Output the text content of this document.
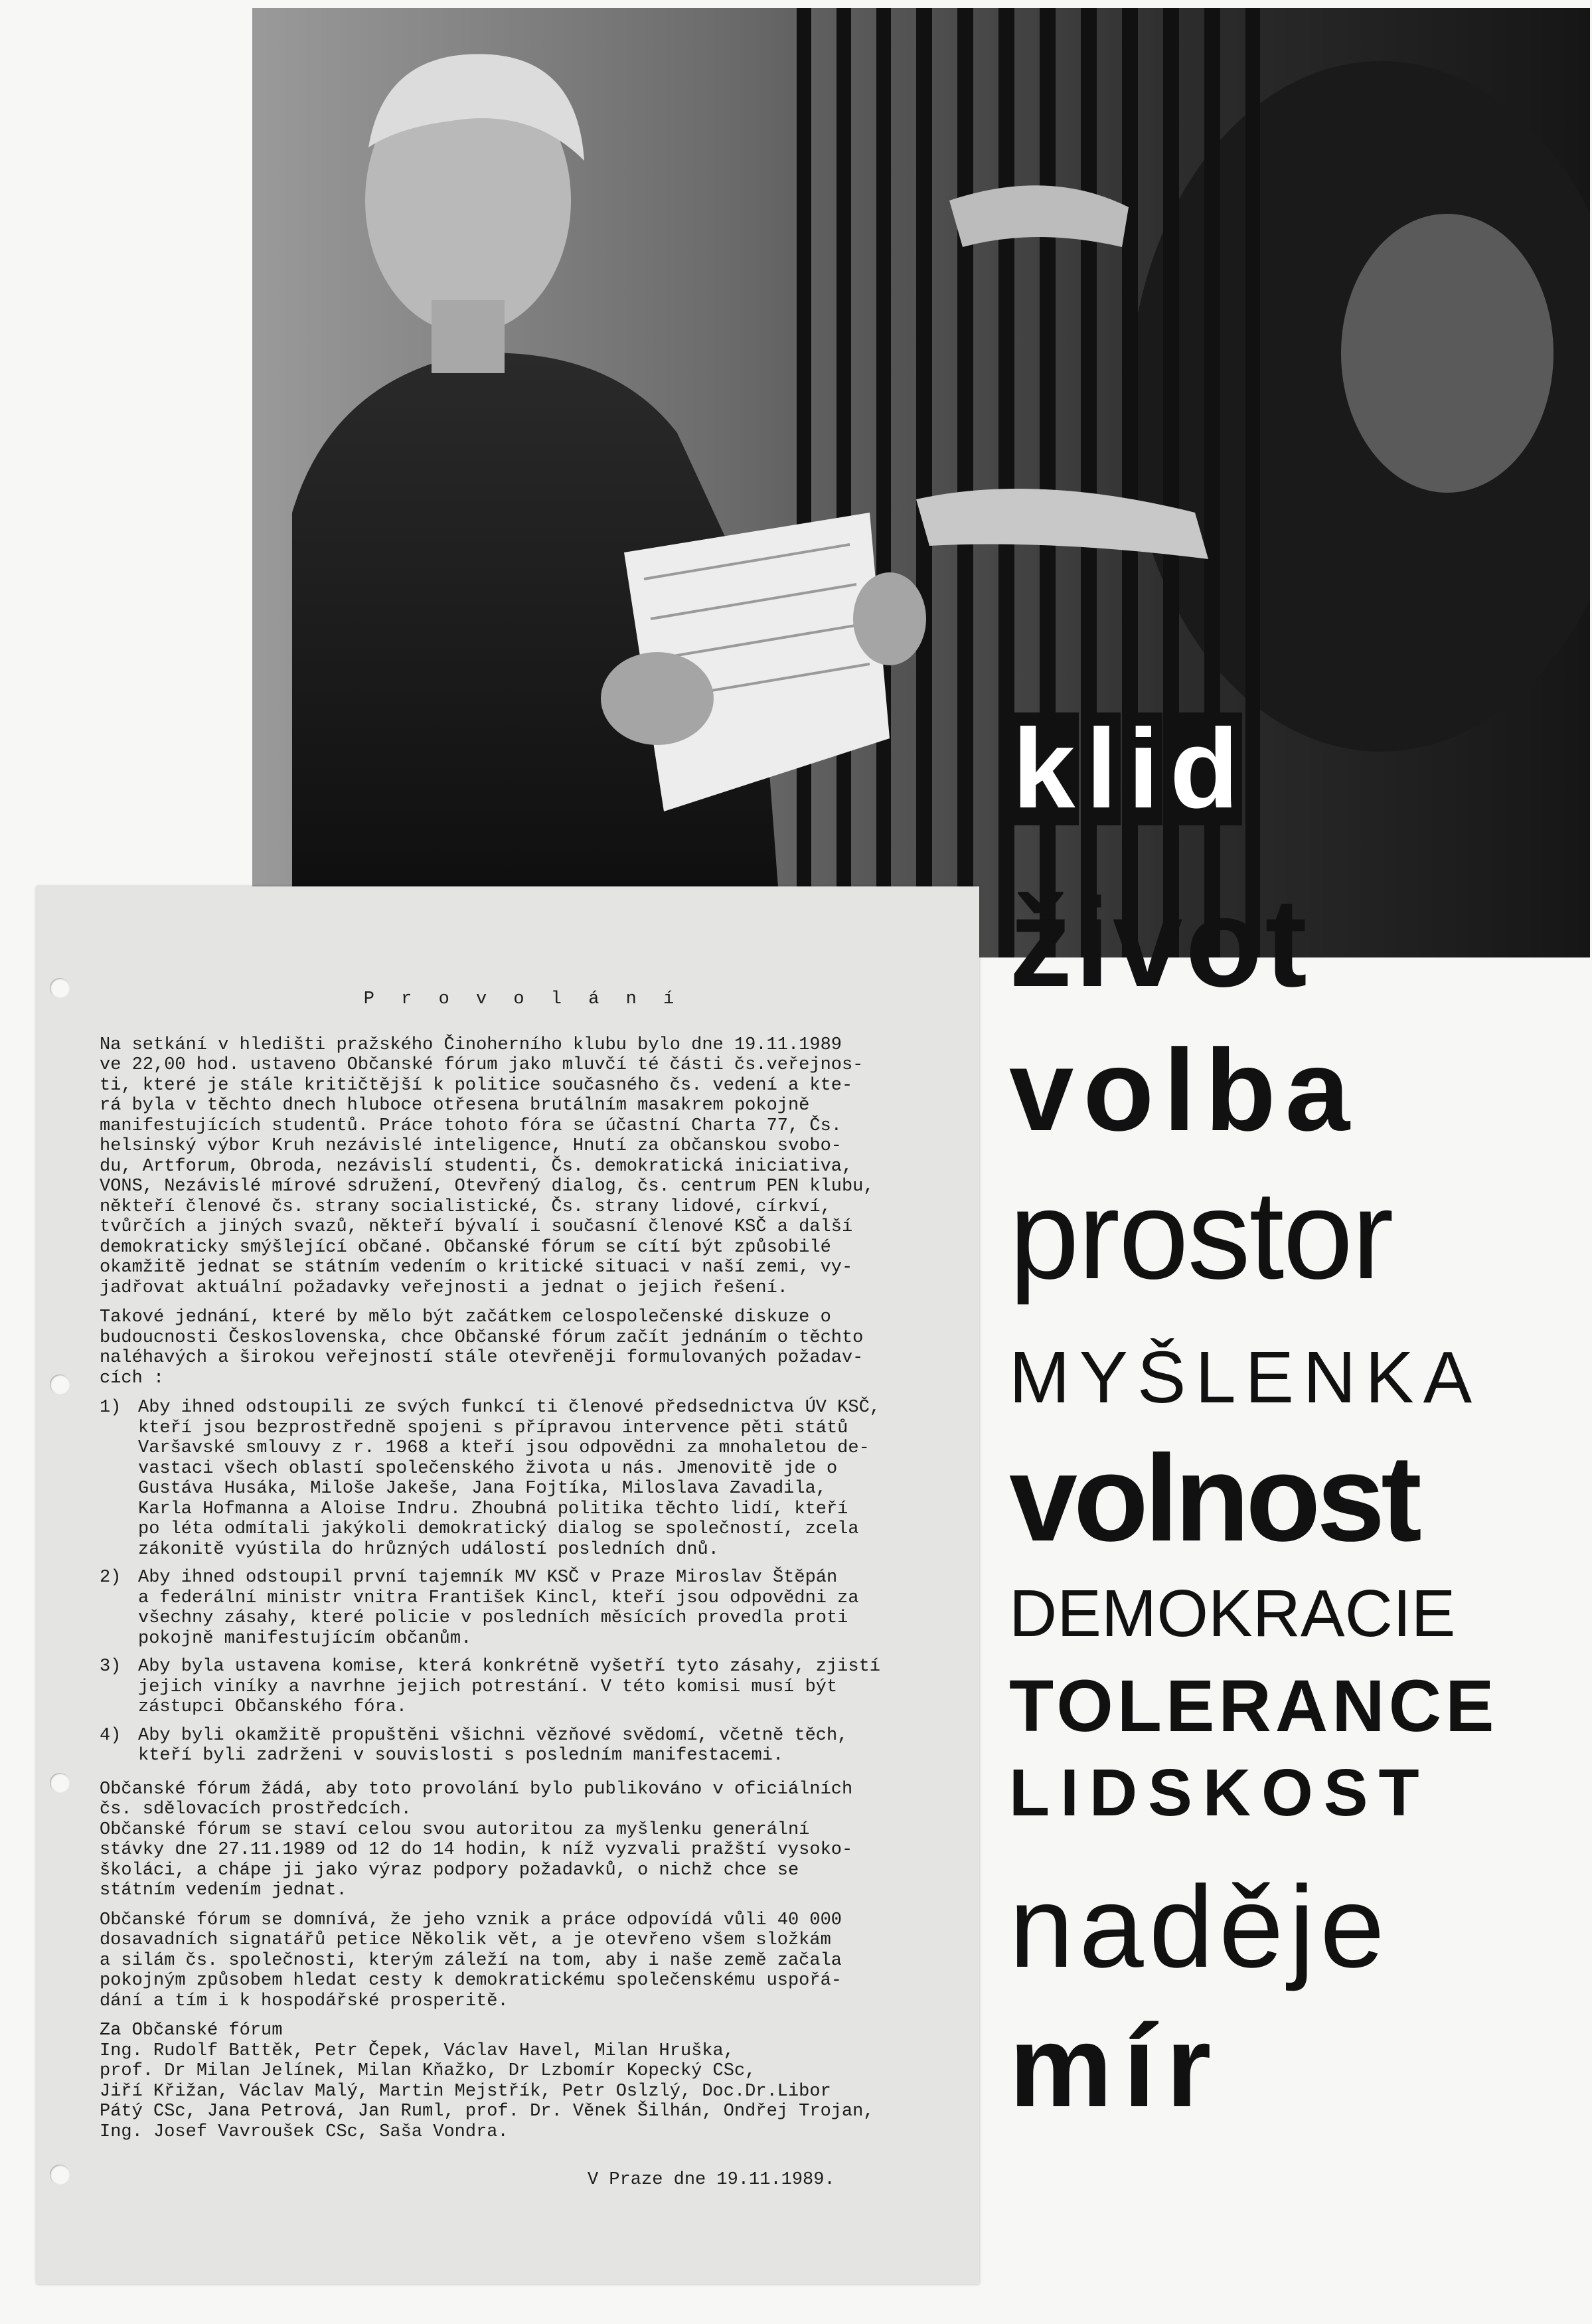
P r o v o l á n í
Na setkání v hledišti pražského Činoherního klubu bylo dne 19.11.1989
ve 22,00 hod. ustaveno Občanské fórum jako mluvčí té části čs.veřejnos-
ti, které je stále kritičtější k politice současného čs. vedení a kte-
rá byla v těchto dnech hluboce otřesena brutálním masakrem pokojně
manifestujících studentů. Práce tohoto fóra se účastní Charta 77, Čs.
helsinský výbor Kruh nezávislé inteligence, Hnutí za občanskou svobo-
du, Artforum, Obroda, nezávislí studenti, Čs. demokratická iniciativa,
VONS, Nezávislé mírové sdružení, Otevřený dialog, čs. centrum PEN klubu,
někteří členové čs. strany socialistické, Čs. strany lidové, církví,
tvůrčích a jiných svazů, někteří bývalí i současní členové KSČ a další
demokraticky smýšlející občané. Občanské fórum se cítí být způsobilé
okamžitě jednat se státním vedením o kritické situaci v naší zemi, vy-
jadřovat aktuální požadavky veřejnosti a jednat o jejich řešení.
Takové jednání, které by mělo být začátkem celospolečenské diskuze o
budoucnosti Československa, chce Občanské fórum začít jednáním o těchto
naléhavých a širokou veřejností stále otevřeněji formulovaných požadav-
cích :
1) Aby ihned odstoupili ze svých funkcí ti členové předsednictva ÚV KSČ,
kteří jsou bezprostředně spojeni s přípravou intervence pěti států
Varšavské smlouvy z r. 1968 a kteří jsou odpovědni za mnohaletou de-
vastaci všech oblastí společenského života u nás. Jmenovitě jde o
Gustáva Husáka, Miloše Jakeše, Jana Fojtíka, Miloslava Zavadila,
Karla Hofmanna a Aloise Indru. Zhoubná politika těchto lidí, kteří
po léta odmítali jakýkoli demokratický dialog se společností, zcela
zákonitě vyústila do hrůzných událostí posledních dnů.
2) Aby ihned odstoupil první tajemník MV KSČ v Praze Miroslav Štěpán
a federální ministr vnitra František Kincl, kteří jsou odpovědni za
všechny zásahy, které policie v posledních měsících provedla proti
pokojně manifestujícím občanům.
3) Aby byla ustavena komise, která konkrétně vyšetří tyto zásahy, zjistí
jejich viníky a navrhne jejich potrestání. V této komisi musí být
zástupci Občanského fóra.
4) Aby byli okamžitě propuštěni všichni vězňové svědomí, včetně těch,
kteří byli zadrženi v souvislosti s posledním manifestacemi.
Občanské fórum žádá, aby toto provolání bylo publikováno v oficiálních
čs. sdělovacích prostředcích.
Občanské fórum se staví celou svou autoritou za myšlenku generální
stávky dne 27.11.1989 od 12 do 14 hodin, k níž vyzvali pražští vysoko-
školáci, a chápe ji jako výraz podpory požadavků, o nichž chce se
státním vedením jednat.
Občanské fórum se domnívá, že jeho vznik a práce odpovídá vůli 40 000
dosavadních signatářů petice Několik vět, a je otevřeno všem složkám
a silám čs. společnosti, kterým záleží na tom, aby i naše země začala
pokojným způsobem hledat cesty k demokratickému společenskému uspořá-
dání a tím i k hospodářské prosperitě.
Za Občanské fórum
Ing. Rudolf Battěk, Petr Čepek, Václav Havel, Milan Hruška,
prof. Dr Milan Jelínek, Milan Kňažko, Dr Lzbomír Kopecký CSc,
Jiří Křižan, Václav Malý, Martin Mejstřík, Petr Oslzlý, Doc.Dr.Libor
Pátý CSc, Jana Petrová, Jan Ruml, prof. Dr. Věnek Šilhán, Ondřej Trojan,
Ing. Josef Vavroušek CSc, Saša Vondra.
V Praze dne 19.11.1989.
klid
život
volba
prostor
MYŠLENKA
volnost
DEMOKRACIE
TOLERANCE
LIDSKOST
naděje
mír
